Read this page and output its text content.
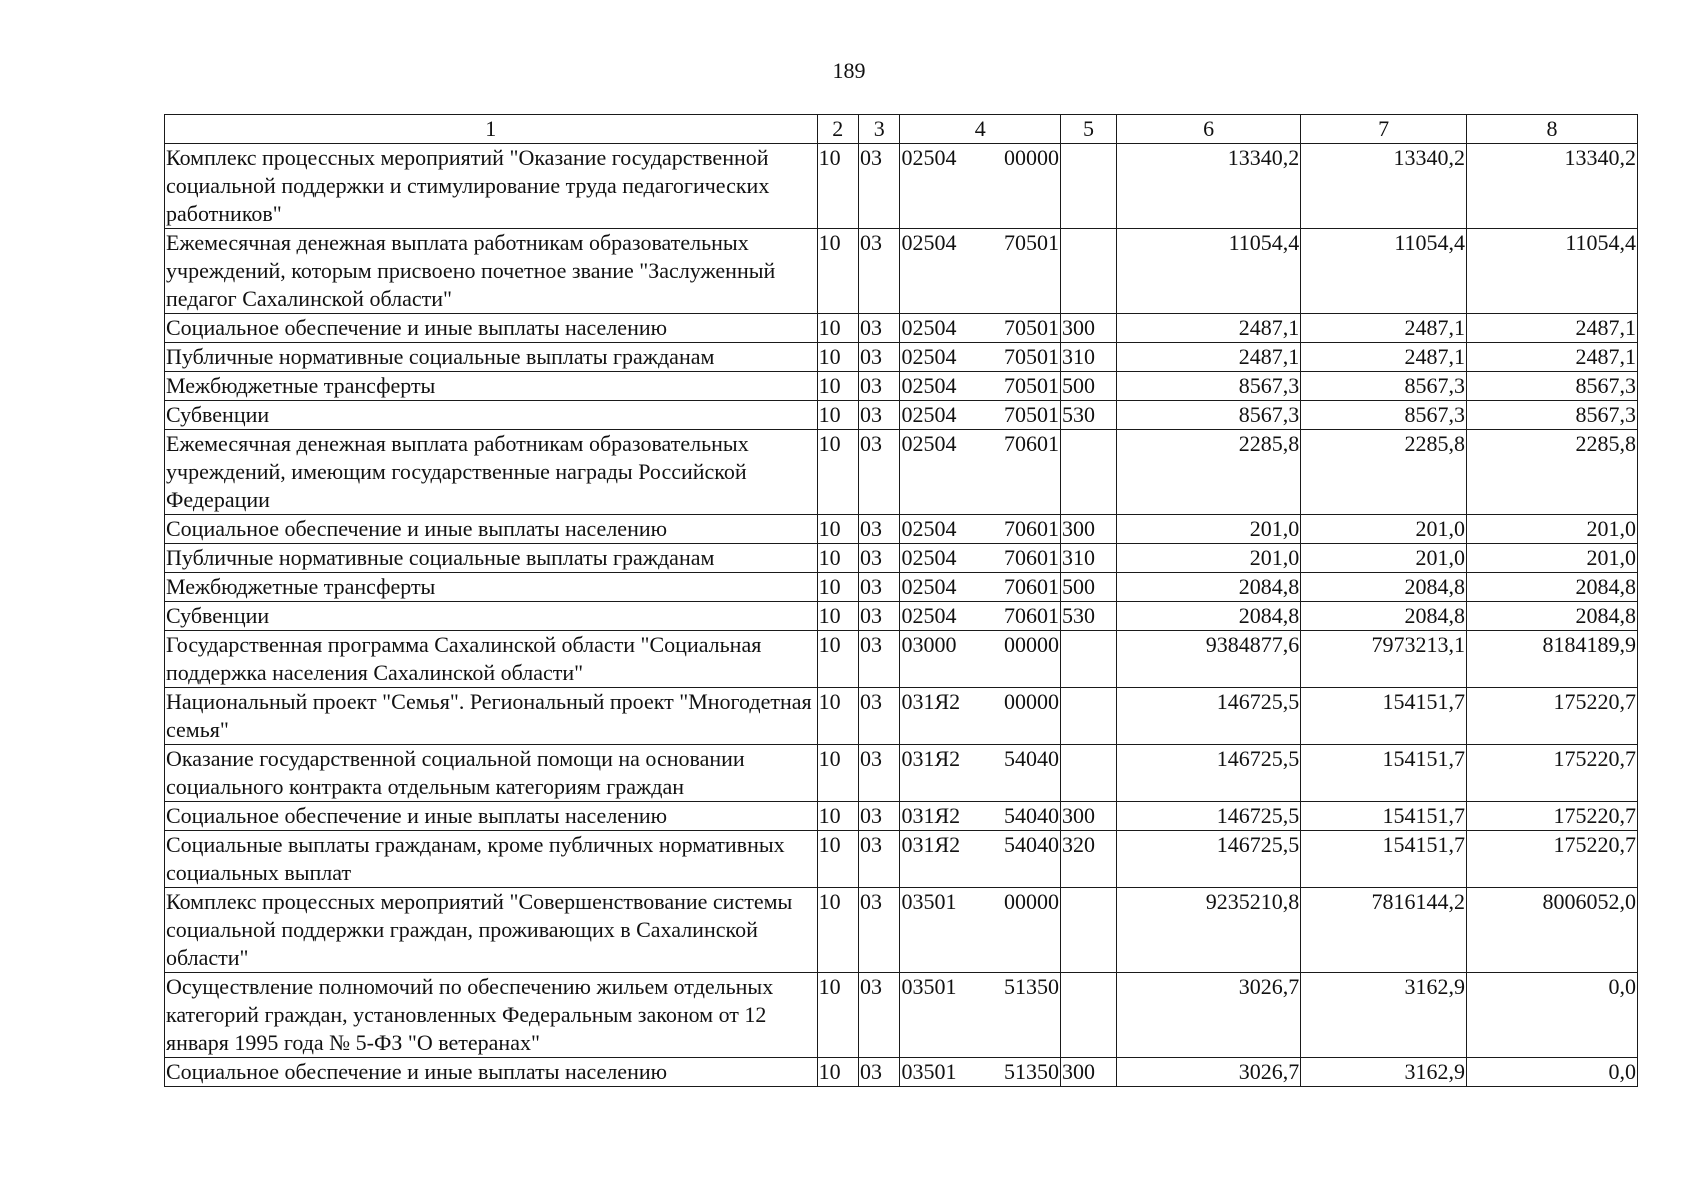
189
1	2	3	4	5	6	7	8
Комплекс процессных мероприятий "Оказание государственной социальной поддержки и стимулирование труда педагогических работников"	10	03	02504 00000		13340,2	13340,2	13340,2
Ежемесячная денежная выплата работникам образовательных учреждений, которым присвоено почетное звание "Заслуженный педагог Сахалинской области"	10	03	02504 70501		11054,4	11054,4	11054,4
Социальное обеспечение и иные выплаты населению	10	03	02504 70501	300	2487,1	2487,1	2487,1
Публичные нормативные социальные выплаты гражданам	10	03	02504 70501	310	2487,1	2487,1	2487,1
Межбюджетные трансферты	10	03	02504 70501	500	8567,3	8567,3	8567,3
Субвенции	10	03	02504 70501	530	8567,3	8567,3	8567,3
Ежемесячная денежная выплата работникам образовательных учреждений, имеющим государственные награды Российской Федерации	10	03	02504 70601		2285,8	2285,8	2285,8
Социальное обеспечение и иные выплаты населению	10	03	02504 70601	300	201,0	201,0	201,0
Публичные нормативные социальные выплаты гражданам	10	03	02504 70601	310	201,0	201,0	201,0
Межбюджетные трансферты	10	03	02504 70601	500	2084,8	2084,8	2084,8
Субвенции	10	03	02504 70601	530	2084,8	2084,8	2084,8
Государственная программа Сахалинской области "Социальная поддержка населения Сахалинской области"	10	03	03000 00000		9384877,6	7973213,1	8184189,9
Национальный проект "Семья". Региональный проект "Многодетная семья"	10	03	031Я2 00000		146725,5	154151,7	175220,7
Оказание государственной социальной помощи на основании социального контракта отдельным категориям граждан	10	03	031Я2 54040		146725,5	154151,7	175220,7
Социальное обеспечение и иные выплаты населению	10	03	031Я2 54040	300	146725,5	154151,7	175220,7
Социальные выплаты гражданам, кроме публичных нормативных социальных выплат	10	03	031Я2 54040	320	146725,5	154151,7	175220,7
Комплекс процессных мероприятий "Совершенствование системы социальной поддержки граждан, проживающих в Сахалинской области"	10	03	03501 00000		9235210,8	7816144,2	8006052,0
Осуществление полномочий по обеспечению жильем отдельных категорий граждан, установленных Федеральным законом от 12 января 1995 года № 5-ФЗ "О ветеранах"	10	03	03501 51350		3026,7	3162,9	0,0
Социальное обеспечение и иные выплаты населению	10	03	03501 51350	300	3026,7	3162,9	0,0
